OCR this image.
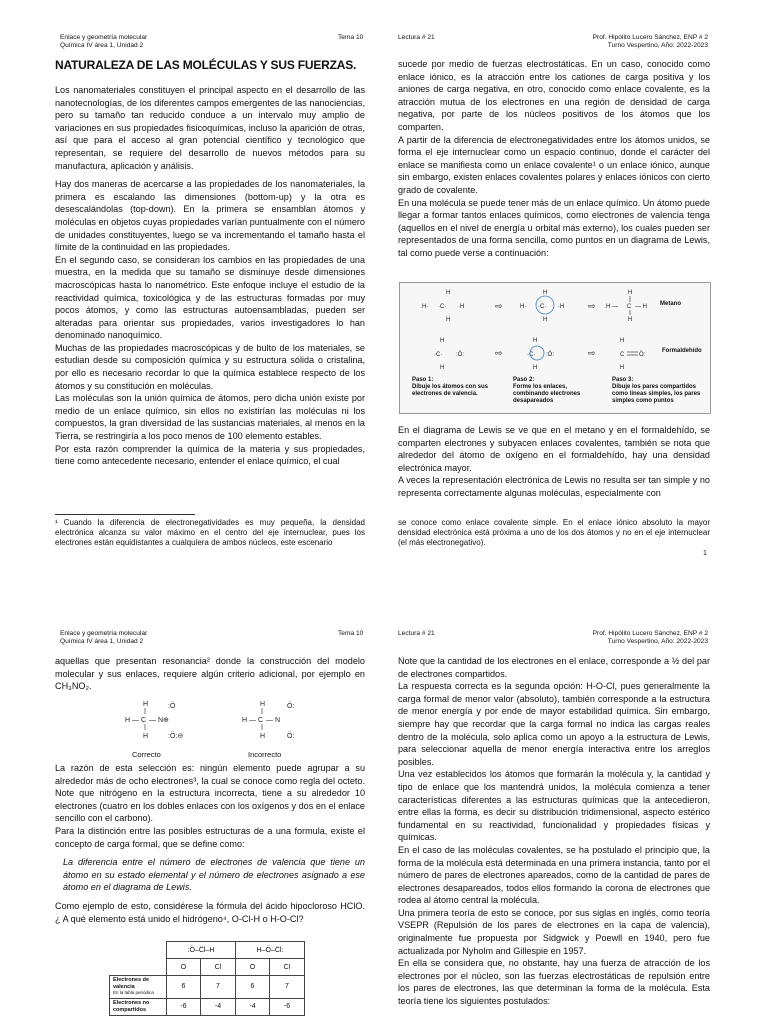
Enlace y geometría molecular
Química IV área 1, Unidad 2
Tema 10	Lectura # 21	Prof. Hipólito Lucero Sánchez, ENP # 2
Turno Vespertino, Año: 2022-2023
NATURALEZA DE LAS MOLÉCULAS Y SUS FUERZAS.

Los nanomateriales constituyen el principal aspecto en el desarrollo de las nanotecnologías, de los diferentes campos emergentes de las nanociencias, pero su tamaño tan reducido conduce a un intervalo muy amplio de variaciones en sus propiedades fisicoquímicas, incluso la aparición de otras, así que para el acceso al gran potencial científico y tecnológico que representan, se requiere del desarrollo de nuevos métodos para su manufactura, aplicación y análisis.

Hay dos maneras de acercarse a las propiedades de los nanomateriales, la primera es escalando las dimensiones (bottom-up) y la otra es desescalándolas (top-down). En la primera se ensamblan átomos y moléculas en objetos cuyas propiedades varían puntualmente con el número de unidades constituyentes, luego se va incrementando el tamaño hasta el límite de la continuidad en las propiedades.

En el segundo caso, se consideran los cambios en las propiedades de una muestra, en la medida que su tamaño se disminuye desde dimensiones macroscópicas hasta lo nanométrico. Este enfoque incluye el estudio de la reactividad química, toxicológica y de las estructuras formadas por muy pocos átomos, y como las estructuras autoensambladas, pueden ser alteradas para orientar sus propiedades, varios investigadores lo han denominado nanoquímico.

Muchas de las propiedades macroscópicas y de bulto de los materiales, se estudian desde su composición química y su estructura sólida o cristalina, por ello es necesario recordar lo que la química establece respecto de los átomos y su constitución en moléculas.

Las moléculas son la unión química de átomos, pero dicha unión existe por medio de un enlace químico, sin ellos no existirían las moléculas ni los compuestos, la gran diversidad de las sustancias materiales, al menos en la Tierra, se restringiría a los poco menos de 100 elemento estables.

Por esta razón comprender la química de la materia y sus propiedades, tiene como antecedente necesario, entender el enlace químico, el cual

¹ Cuando la diferencia de electronegatividades es muy pequeña, la densidad electrónica alcanza su valor máximo en el centro del eje internuclear, pues los electrones están equidistantes a cualquiera de ambos núcleos, este escenario

sucede por medio de fuerzas electrostáticas. En un caso, conocido como enlace iónico, es la atracción entre los cationes de carga positiva y los aniones de carga negativa, en otro, conocido como enlace covalente, es la atracción mutua de los electrones en una región de densidad de carga negativa, por parte de los núcleos positivos de los átomos que los comparten.

A partir de la diferencia de electronegatividades entre los átomos unidos, se forma el eje internuclear como un espacio continuo, donde el carácter del enlace se manifiesta como un enlace covalente¹ o un enlace iónico, aunque sin embargo, existen enlaces covalentes polares y enlaces iónicos con cierto grado de covalente.

En una molécula se puede tener más de un enlace químico. Un átomo puede llegar a formar tantos enlaces químicos, como electrones de valencia tenga (aquellos en el nivel de energía u orbital más externo), los cuales pueden ser representados de una forma sencilla, como puntos en un diagrama de Lewis, tal como puede verse a continuación:

H
H· ·C· ·H
H
⇨
H
H· ·C· ·H
H
⇨
H
H — C — H
H
H
·C· :Ö:
H
⇨
H
·C· :Ö:
H
⇨
H
C Ö:
H
Paso 1:
Dibuje los átomos con sus electrones de valencia.
Paso 2:
Forme los enlaces, combinando electrones desapareados
Paso 3:
Dibuje los pares compartidos como líneas simples, los pares simples como puntos
Metano
Formaldehído

En el diagrama de Lewis se ve que en el metano y en el formaldehído, se comparten electrones y subyacen enlaces covalentes, también se nota que alrededor del átomo de oxígeno en el formaldehído, hay una densidad electrónica mayor.

A veces la representación electrónica de Lewis no resulta ser tan simple y no representa correctamente algunas moléculas, especialmente con

se conoce como enlace covalente simple. En el enlace iónico absoluto la mayor densidad electrónica está próxima a uno de los dos átomos y no en el eje internuclear (el más electronegativo).

1
Enlace y geometría molecular
Química IV área 1, Unidad 2
Tema 10	Lectura # 21	Prof. Hipólito Lucero Sánchez, ENP # 2
Turno Vespertino, Año: 2022-2023

aquellas que presentan resonancia² donde la construcción del modelo molecular y sus enlaces, requiere algún criterio adicional, por ejemplo en CH₃NO₂.

H
H — C — N⊕
:Ö
:Ö:⊖
H
H
H — C — N
Ö:
Ö:
H
Correcto	Incorrecto

La razón de esta selección es: ningún elemento puede agrupar a su alrededor más de ocho electrones³, la cual se conoce como regla del octeto. Note que nitrógeno en la estructura incorrecta, tiene a su alrededor 10 electrones (cuatro en los dobles enlaces con los oxígenos y dos en el enlace sencillo con el carbono).

Para la distinción entre las posibles estructuras de a una formula, existe el concepto de carga formal, que se define como:

La diferencia entre el número de electrones de valencia que tiene un átomo en su estado elemental y el número de electrones asignado a ese átomo en el diagrama de Lewis.

Como ejemplo de esto, considérese la fórmula del ácido hipocloroso HClO. ¿ A qué elemento está unido el hidrógeno⁴, O-Cl-H o H-O-Cl?

	:Ö–C̈l–H		H–Ö–C̈l:	
	O	Cl	O	Cl
Electrones de valencia
En la tabla periódica	6	7	6	7
Electrones no compartidos	-6	-4	-4	-6

Note que la cantidad de los electrones en el enlace, corresponde a ½ del par de electrones compartidos.

La respuesta correcta es la segunda opción: H-O-Cl, pues generalmente la carga formal de menor valor (absoluto), también corresponde a la estructura de menor energía y por ende de mayor estabilidad química. Sin embargo, siempre hay que recordar que la carga formal no indica las cargas reales dentro de la molécula, solo aplica como un apoyo a la estructura de Lewis, para seleccionar aquella de menor energía interactiva entre los arreglos posibles.

Una vez establecidos los átomos que formarán la molécula y, la cantidad y tipo de enlace que los mantendrá unidos, la molécula comienza a tener características diferentes a las estructuras químicas que la antecedieron, entre ellas la forma, es decir su distribución tridimensional, aspecto estérico fundamental en su reactividad, funcionalidad y propiedades físicas y químicas.

En el caso de las moléculas covalentes, se ha postulado el principio que, la forma de la molécula está determinada en una primera instancia, tanto por el número de pares de electrones apareados, como de la cantidad de pares de electrones desapareados, todos ellos formando la corona de electrones que rodea al átomo central la molécula.

Una primera teoría de esto se conoce, por sus siglas en inglés, como teoría VSEPR (Repulsión de los pares de electrones en la capa de valencia), originalmente fue propuesta por Sidgwick y Poewll en 1940, pero fue actualizada por Nyholm and Gillespie en 1957.

En ella se considera que, no obstante, hay una fuerza de atracción de los electrones por el núcleo, son las fuerzas electrostáticas de repulsión entre los pares de electrones, las que determinan la forma de la molécula. Esta teoría tiene los siguientes postulados:
